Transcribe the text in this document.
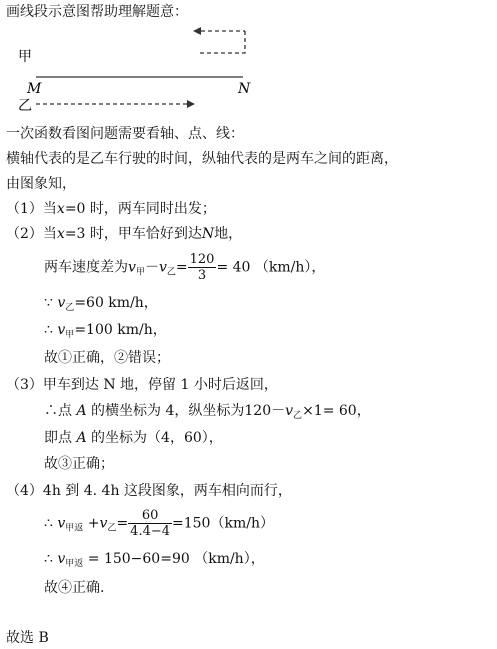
画线段示意图帮助理解题意：
甲
M	N
乙
一次函数看图问题需要看轴、点、线：
横轴代表的是乙车行驶的时间，纵轴代表的是两车之间的距离，
由图象知，
（1）当x=0 时，两车同时出发；
（2）当x=3 时，甲车恰好到达N地，
两车速度差为$v_甲-v_乙= \frac{120}{3} = 40$ （km/h），
∵ $v_乙=60$ km/h，
∴ $v_甲=100$ km/h，
故①正确，②错误；
（3）甲车到达 N 地，停留 1 小时后返回，
∴点 A 的横坐标为 4，纵坐标为$120-v_乙\times 1= 60$，
即点 A 的坐标为（4，60），
故③正确；
（4）4h 到 4. 4h 这段图象，两车相向而行，
∴ $v_{甲返} +v_乙= \frac{60}{4.4-4} =150(km/h)$
∴ $v_{甲返} = 150-60=90$ （km/h），
故④正确.
故选 B
